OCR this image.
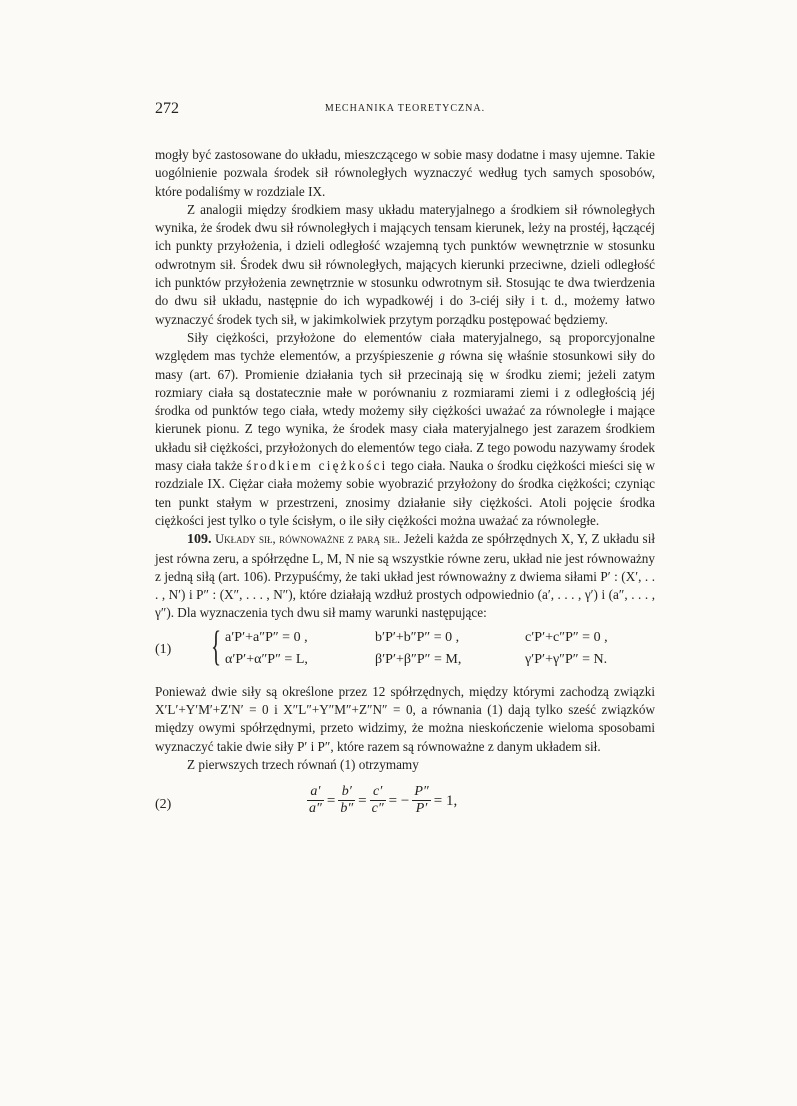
272	MECHANIKA TEORETYCZNA.

mogły być zastosowane do układu, mieszczącego w sobie masy dodatne i masy ujemne. Takie uogólnienie pozwala środek sił równoległych wyznaczyć według tych samych sposobów, które podaliśmy w rozdziale IX.

Z analogii między środkiem masy układu materyjalnego a środkiem sił równoległych wynika, że środek dwu sił równoległych i mających tensam kierunek, leży na prostéj, łączącéj ich punkty przyłożenia, i dzieli odległość wzajemną tych punktów wewnętrznie w stosunku odwrotnym sił. Środek dwu sił równoległych, mających kierunki przeciwne, dzieli odległość ich punktów przyłożenia zewnętrznie w stosunku odwrotnym sił. Stosując te dwa twierdzenia do dwu sił układu, następnie do ich wypadkowéj i do 3-ciéj siły i t. d., możemy łatwo wyznaczyć środek tych sił, w jakimkolwiek przytym porządku postępować będziemy.

Siły ciężkości, przyłożone do elementów ciała materyjalnego, są proporcyjonalne względem mas tychże elementów, a przyśpieszenie g równa się właśnie stosunkowi siły do masy (art. 67). Promienie działania tych sił przecinają się w środku ziemi; jeżeli zatym rozmiary ciała są dostatecznie małe w porównaniu z rozmiarami ziemi i z odległością jéj środka od punktów tego ciała, wtedy możemy siły ciężkości uważać za równoległe i mające kierunek pionu. Z tego wynika, że środek masy ciała materyjalnego jest zarazem środkiem układu sił ciężkości, przyłożonych do elementów tego ciała. Z tego powodu nazywamy środek masy ciała także środkiem ciężkości tego ciała. Nauka o środku ciężkości mieści się w rozdziale IX. Ciężar ciała możemy sobie wyobrazić przyłożony do środka ciężkości; czyniąc ten punkt stałym w przestrzeni, znosimy działanie siły ciężkości. Atoli pojęcie środka ciężkości jest tylko o tyle ścisłym, o ile siły ciężkości można uważać za równoległe.

109. Układy sił, równoważne z parą sił. Jeżeli każda ze spółrzędnych X, Y, Z układu sił jest równa zeru, a spółrzędne L, M, N nie są wszystkie równe zeru, układ nie jest równoważny z jedną siłą (art. 106). Przypuśćmy, że taki układ jest równoważny z dwiema siłami P′ : (X′, . . . , N′) i P″ : (X″, . . . , N″), które działają wzdłuż prostych odpowiednio (a′, . . . , γ′) i (a″, . . . , γ″). Dla wyznaczenia tych dwu sił mamy warunki następujące:

(1) { a′P′+a″P″ = 0 ,	b′P′+b″P″ = 0 ,	c′P′+c″P″ = 0 ,
α′P′+α″P″ = L,	β′P′+β″P″ = M,	γ′P′+γ″P″ = N.

Ponieważ dwie siły są określone przez 12 spółrzędnych, między którymi zachodzą związki X′L′+Y′M′+Z′N′ = 0 i X″L″+Y″M″+Z″N″ = 0, a równania (1) dają tylko sześć związków między owymi spółrzędnymi, przeto widzimy, że można nieskończenie wieloma sposobami wyznaczyć takie dwie siły P′ i P″, które razem są równoważne z danym układem sił.

Z pierwszych trzech równań (1) otrzymamy

(2)	$\frac{a'}{a''} = \frac{b'}{b''} = \frac{c'}{c''}$ = − $\frac{P''}{P'} = 1$,
